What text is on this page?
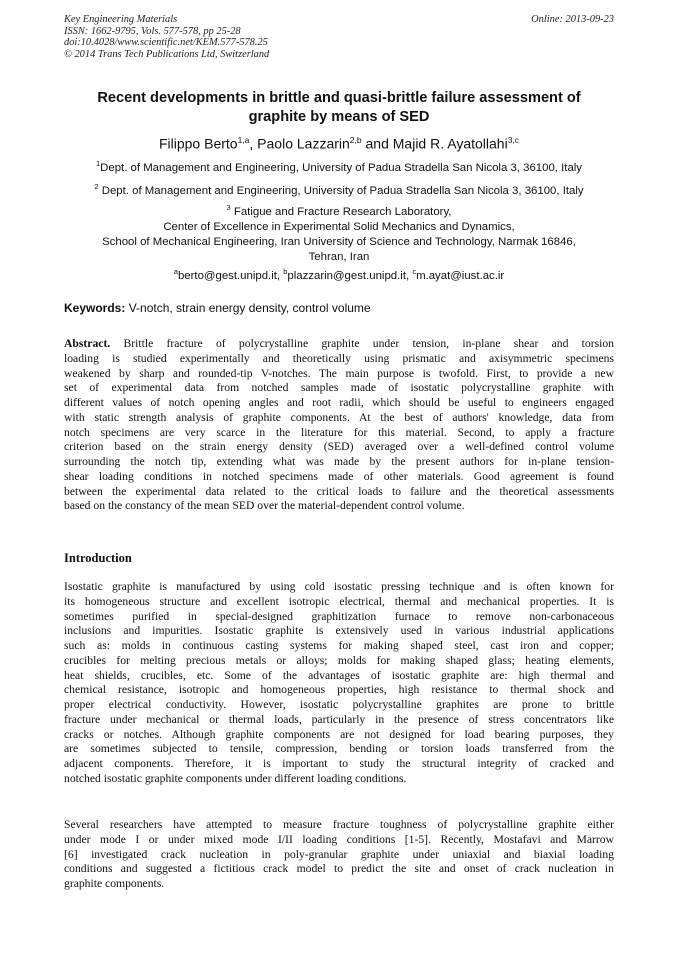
Key Engineering Materials
ISSN: 1662-9795, Vols. 577-578, pp 25-28
doi:10.4028/www.scientific.net/KEM.577-578.25
© 2014 Trans Tech Publications Ltd, Switzerland
Online: 2013-09-23
Recent developments in brittle and quasi-brittle failure assessment of
graphite by means of SED
Filippo Berto$^{1,a}$, Paolo Lazzarin$^{2,b}$ and Majid R. Ayatollahi$^{3,c}$
$^1$Dept. of Management and Engineering, University of Padua Stradella San Nicola 3, 36100, Italy
$^2$ Dept. of Management and Engineering, University of Padua Stradella San Nicola 3, 36100, Italy
$^3$ Fatigue and Fracture Research Laboratory,
Center of Excellence in Experimental Solid Mechanics and Dynamics,
School of Mechanical Engineering, Iran University of Science and Technology, Narmak 16846,
Tehran, Iran
$^a$berto@gest.unipd.it, $^b$plazzarin@gest.unipd.it, $^c$m.ayat@iust.ac.ir
Keywords: V-notch, strain energy density, control volume
Abstract. Brittle fracture of polycrystalline graphite under tension, in-plane shear and torsion
loading is studied experimentally and theoretically using prismatic and axisymmetric specimens
weakened by sharp and rounded-tip V-notches. The main purpose is twofold. First, to provide a new
set of experimental data from notched samples made of isostatic polycrystalline graphite with
different values of notch opening angles and root radii, which should be useful to engineers engaged
with static strength analysis of graphite components. At the best of authors' knowledge, data from
notch specimens are very scarce in the literature for this material. Second, to apply a fracture
criterion based on the strain energy density (SED) averaged over a well-defined control volume
surrounding the notch tip, extending what was made by the present authors for in-plane tension-
shear loading conditions in notched specimens made of other materials. Good agreement is found
between the experimental data related to the critical loads to failure and the theoretical assessments
based on the constancy of the mean SED over the material-dependent control volume.
Introduction
Isostatic graphite is manufactured by using cold isostatic pressing technique and is often known for
its homogeneous structure and excellent isotropic electrical, thermal and mechanical properties. It is
sometimes purified in special-designed graphitization furnace to remove non-carbonaceous
inclusions and impurities. Isostatic graphite is extensively used in various industrial applications
such as: molds in continuous casting systems for making shaped steel, cast iron and copper;
crucibles for melting precious metals or alloys; molds for making shaped glass; heating elements,
heat shields, crucibles, etc. Some of the advantages of isostatic graphite are: high thermal and
chemical resistance, isotropic and homogeneous properties, high resistance to thermal shock and
proper electrical conductivity. However, isostatic polycrystalline graphites are prone to brittle
fracture under mechanical or thermal loads, particularly in the presence of stress concentrators like
cracks or notches. Although graphite components are not designed for load bearing purposes, they
are sometimes subjected to tensile, compression, bending or torsion loads transferred from the
adjacent components. Therefore, it is important to study the structural integrity of cracked and
notched isostatic graphite components under different loading conditions.
Several researchers have attempted to measure fracture toughness of polycrystalline graphite either
under mode I or under mixed mode I/II loading conditions [1-5]. Recently, Mostafavi and Marrow
[6] investigated crack nucleation in poly-granular graphite under uniaxial and biaxial loading
conditions and suggested a fictitious crack model to predict the site and onset of crack nucleation in
graphite components.
